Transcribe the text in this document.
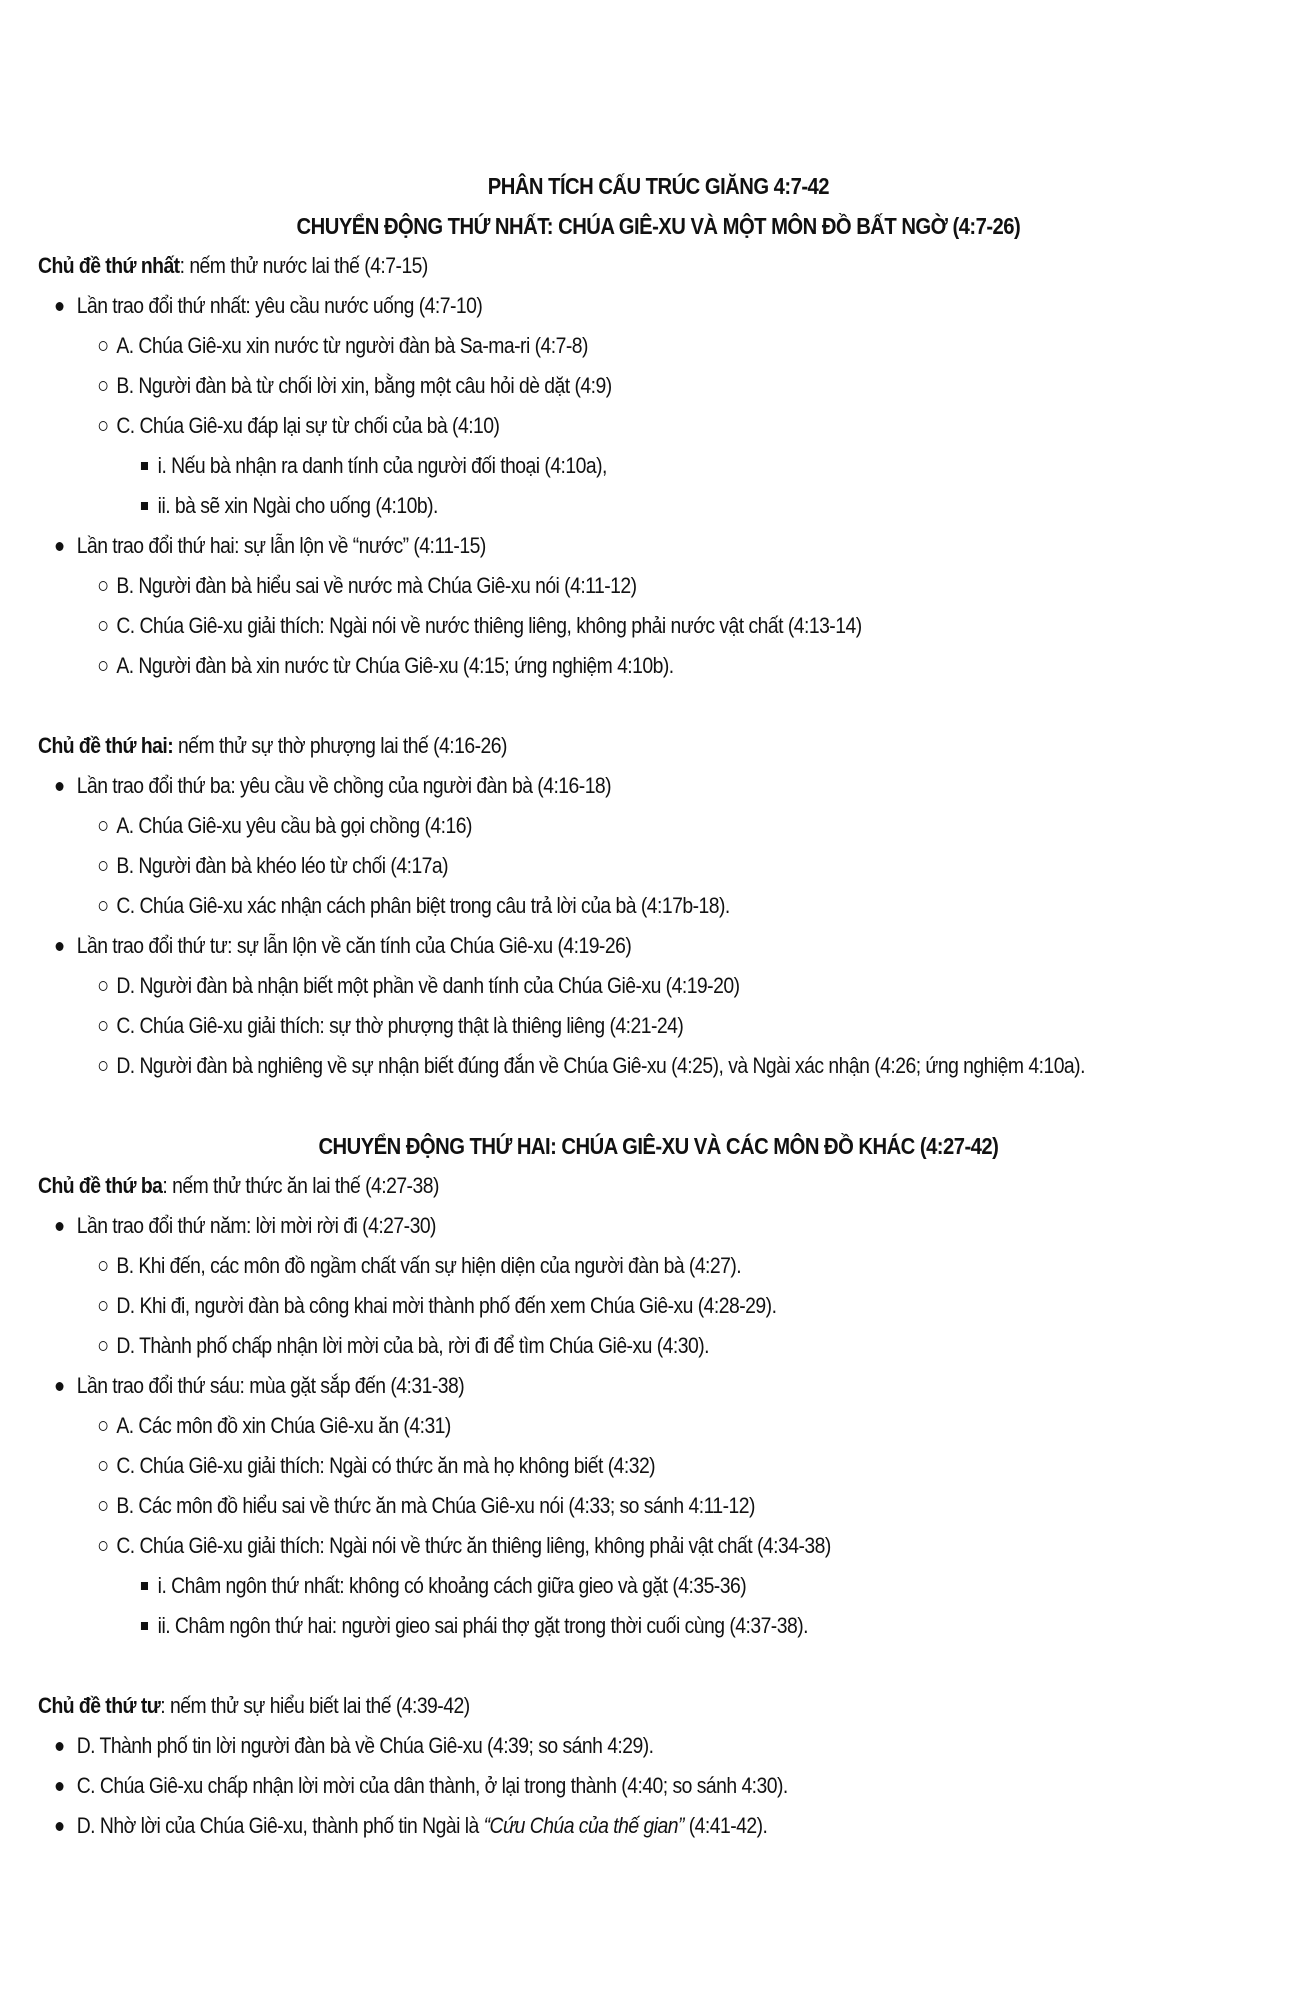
PHÂN TÍCH CẤU TRÚC GIĂNG 4:7-42
CHUYỂN ĐỘNG THỨ NHẤT: CHÚA GIÊ-XU VÀ MỘT MÔN ĐỒ BẤT NGỜ (4:7-26)
Chủ đề thứ nhất: nếm thử nước lai thế (4:7-15)
Lần trao đổi thứ nhất: yêu cầu nước uống (4:7-10)
A. Chúa Giê-xu xin nước từ người đàn bà Sa-ma-ri (4:7-8)
B. Người đàn bà từ chối lời xin, bằng một câu hỏi dè dặt (4:9)
C. Chúa Giê-xu đáp lại sự từ chối của bà (4:10)
i. Nếu bà nhận ra danh tính của người đối thoại (4:10a),
ii. bà sẽ xin Ngài cho uống (4:10b).
Lần trao đổi thứ hai: sự lẫn lộn về “nước” (4:11-15)
B. Người đàn bà hiểu sai về nước mà Chúa Giê-xu nói (4:11-12)
C. Chúa Giê-xu giải thích: Ngài nói về nước thiêng liêng, không phải nước vật chất (4:13-14)
A. Người đàn bà xin nước từ Chúa Giê-xu (4:15; ứng nghiệm 4:10b).
Chủ đề thứ hai: nếm thử sự thờ phượng lai thế (4:16-26)
Lần trao đổi thứ ba: yêu cầu về chồng của người đàn bà (4:16-18)
A. Chúa Giê-xu yêu cầu bà gọi chồng (4:16)
B. Người đàn bà khéo léo từ chối (4:17a)
C. Chúa Giê-xu xác nhận cách phân biệt trong câu trả lời của bà (4:17b-18).
Lần trao đổi thứ tư: sự lẫn lộn về căn tính của Chúa Giê-xu (4:19-26)
D. Người đàn bà nhận biết một phần về danh tính của Chúa Giê-xu (4:19-20)
C. Chúa Giê-xu giải thích: sự thờ phượng thật là thiêng liêng (4:21-24)
D. Người đàn bà nghiêng về sự nhận biết đúng đắn về Chúa Giê-xu (4:25), và Ngài xác nhận (4:26; ứng nghiệm 4:10a).
CHUYỂN ĐỘNG THỨ HAI: CHÚA GIÊ-XU VÀ CÁC MÔN ĐỒ KHÁC (4:27-42)
Chủ đề thứ ba: nếm thử thức ăn lai thế (4:27-38)
Lần trao đổi thứ năm: lời mời rời đi (4:27-30)
B. Khi đến, các môn đồ ngầm chất vấn sự hiện diện của người đàn bà (4:27).
D. Khi đi, người đàn bà công khai mời thành phố đến xem Chúa Giê-xu (4:28-29).
D. Thành phố chấp nhận lời mời của bà, rời đi để tìm Chúa Giê-xu (4:30).
Lần trao đổi thứ sáu: mùa gặt sắp đến (4:31-38)
A. Các môn đồ xin Chúa Giê-xu ăn (4:31)
C. Chúa Giê-xu giải thích: Ngài có thức ăn mà họ không biết (4:32)
B. Các môn đồ hiểu sai về thức ăn mà Chúa Giê-xu nói (4:33; so sánh 4:11-12)
C. Chúa Giê-xu giải thích: Ngài nói về thức ăn thiêng liêng, không phải vật chất (4:34-38)
i. Châm ngôn thứ nhất: không có khoảng cách giữa gieo và gặt (4:35-36)
ii. Châm ngôn thứ hai: người gieo sai phái thợ gặt trong thời cuối cùng (4:37-38).
Chủ đề thứ tư: nếm thử sự hiểu biết lai thế (4:39-42)
D. Thành phố tin lời người đàn bà về Chúa Giê-xu (4:39; so sánh 4:29).
C. Chúa Giê-xu chấp nhận lời mời của dân thành, ở lại trong thành (4:40; so sánh 4:30).
D. Nhờ lời của Chúa Giê-xu, thành phố tin Ngài là “Cứu Chúa của thế gian” (4:41-42).
